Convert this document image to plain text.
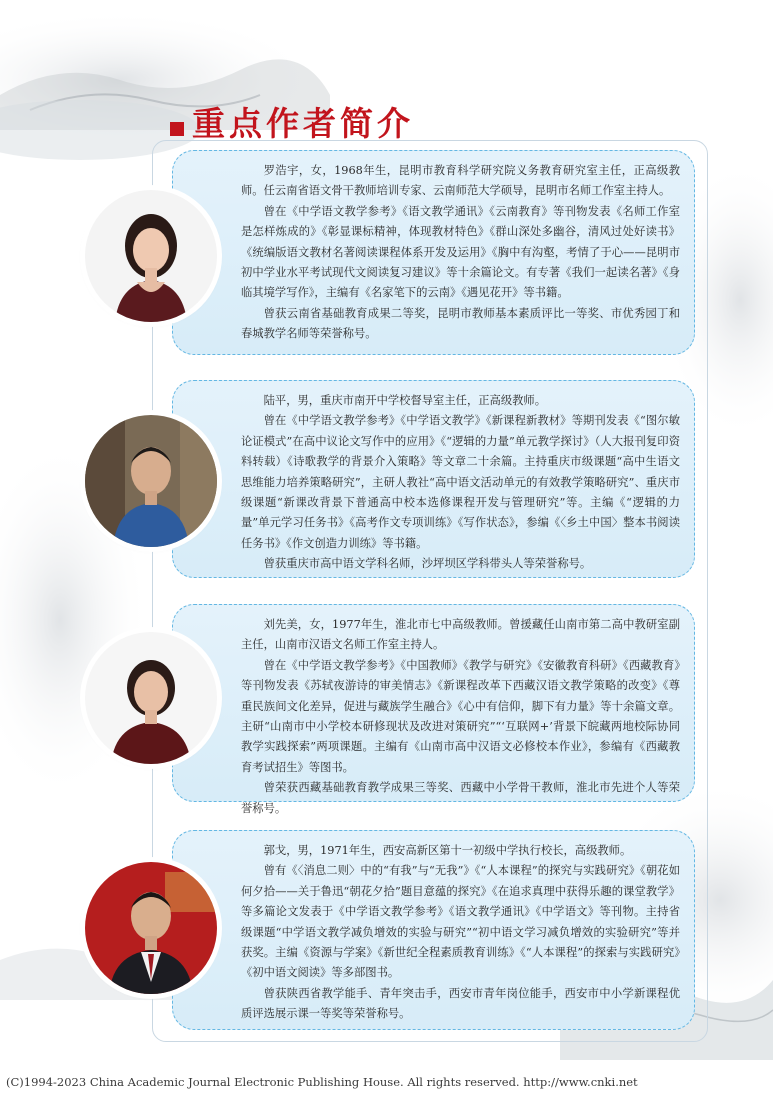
重点作者简介

罗浩宇，女，1968年生，昆明市教育科学研究院义务教育研究室主任，正高级教师。任云南省语文骨干教师培训专家、云南师范大学硕导，昆明市名师工作室主持人。

曾在《中学语文教学参考》《语文教学通讯》《云南教育》等刊物发表《名师工作室是怎样炼成的》《彰显课标精神，体现教材特色》《群山深处多幽谷，清风过处好读书》《统编版语文教材名著阅读课程体系开发及运用》《胸中有沟壑，考情了于心——昆明市初中学业水平考试现代文阅读复习建议》等十余篇论文。有专著《我们一起读名著》《身临其境学写作》，主编有《名家笔下的云南》《遇见花开》等书籍。

曾获云南省基础教育成果二等奖，昆明市教师基本素质评比一等奖、市优秀园丁和春城教学名师等荣誉称号。

陆平，男，重庆市南开中学校督导室主任，正高级教师。

曾在《中学语文教学参考》《中学语文教学》《新课程新教材》等期刊发表《“图尔敏论证模式”在高中议论文写作中的应用》《“逻辑的力量”单元教学探讨》（人大报刊复印资料转载）《诗歌教学的背景介入策略》等文章二十余篇。主持重庆市级课题“高中生语文思维能力培养策略研究”，主研人教社“高中语文活动单元的有效教学策略研究”、重庆市级课题“新课改背景下普通高中校本选修课程开发与管理研究”等。主编《“逻辑的力量”单元学习任务书》《高考作文专项训练》《写作状态》，参编《〈乡土中国〉整本书阅读任务书》《作文创造力训练》等书籍。

曾获重庆市高中语文学科名师，沙坪坝区学科带头人等荣誉称号。

刘先美，女，1977年生，淮北市七中高级教师。曾援藏任山南市第二高中教研室副主任，山南市汉语文名师工作室主持人。

曾在《中学语文教学参考》《中国教师》《教学与研究》《安徽教育科研》《西藏教育》等刊物发表《苏轼夜游诗的审美情志》《新课程改革下西藏汉语文教学策略的改变》《尊重民族间文化差异，促进与藏族学生融合》《心中有信仰，脚下有力量》等十余篇文章。主研“山南市中小学校本研修现状及改进对策研究”“‘互联网+’背景下皖藏两地校际协同教学实践探索”两项课题。主编有《山南市高中汉语文必修校本作业》，参编有《西藏教育考试招生》等图书。

曾荣获西藏基础教育教学成果三等奖、西藏中小学骨干教师，淮北市先进个人等荣誉称号。

郭戈，男，1971年生，西安高新区第十一初级中学执行校长，高级教师。

曾有《〈消息二则〉中的“有我”与“无我”》《“人本课程”的探究与实践研究》《朝花如何夕拾——关于鲁迅“朝花夕拾”题目意蕴的探究》《在追求真理中获得乐趣的课堂教学》等多篇论文发表于《中学语文教学参考》《语文教学通讯》《中学语文》等刊物。主持省级课题“中学语文教学减负增效的实验与研究”“初中语文学习减负增效的实验研究”等并获奖。主编《资源与学案》《新世纪全程素质教育训练》《“人本课程”的探索与实践研究》《初中语文阅读》等多部图书。

曾获陕西省教学能手、青年突击手，西安市青年岗位能手，西安市中小学新课程优质评选展示课一等奖等荣誉称号。

(C)1994-2023 China Academic Journal Electronic Publishing House. All rights reserved. http://www.cnki.net
